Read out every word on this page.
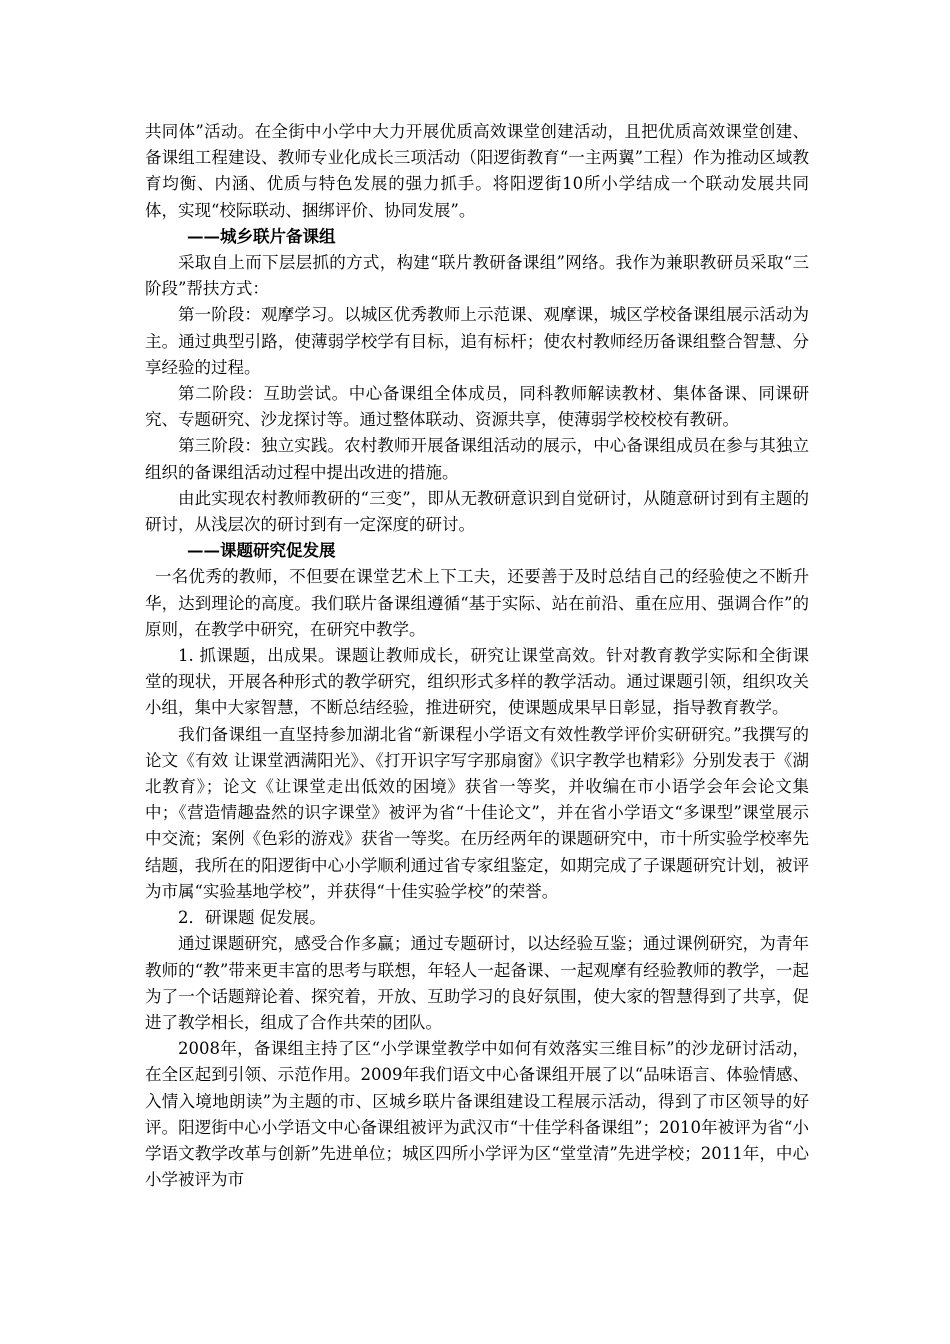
共同体”活动。在全街中小学中大力开展优质高效课堂创建活动，且把优质高效课堂创建、备课组工程建设、教师专业化成长三项活动（阳逻街教育“一主两翼”工程）作为推动区域教育均衡、内涵、优质与特色发展的强力抓手。将阳逻街10所小学结成一个联动发展共同体，实现“校际联动、捆绑评价、协同发展”。

——城乡联片备课组

采取自上而下层层抓的方式，构建“联片教研备课组”网络。我作为兼职教研员采取“三阶段”帮扶方式：

第一阶段：观摩学习。以城区优秀教师上示范课、观摩课，城区学校备课组展示活动为主。通过典型引路，使薄弱学校学有目标，追有标杆；使农村教师经历备课组整合智慧、分享经验的过程。

第二阶段：互助尝试。中心备课组全体成员，同科教师解读教材、集体备课、同课研究、专题研究、沙龙探讨等。通过整体联动、资源共享，使薄弱学校校校有教研。

第三阶段：独立实践。农村教师开展备课组活动的展示，中心备课组成员在参与其独立组织的备课组活动过程中提出改进的措施。

由此实现农村教师教研的“三变”，即从无教研意识到自觉研讨，从随意研讨到有主题的研讨，从浅层次的研讨到有一定深度的研讨。

——课题研究促发展

一名优秀的教师，不但要在课堂艺术上下工夫，还要善于及时总结自己的经验使之不断升华，达到理论的高度。我们联片备课组遵循“基于实际、站在前沿、重在应用、强调合作”的原则，在教学中研究，在研究中教学。

1. 抓课题，出成果。课题让教师成长，研究让课堂高效。针对教育教学实际和全街课堂的现状，开展各种形式的教学研究，组织形式多样的教学活动。通过课题引领，组织攻关小组，集中大家智慧，不断总结经验，推进研究，使课题成果早日彰显，指导教育教学。

我们备课组一直坚持参加湖北省“新课程小学语文有效性教学评价实研研究。”我撰写的论文《有效 让课堂洒满阳光》、《打开识字写字那扇窗》《识字教学也精彩》分别发表于《湖北教育》；论文《让课堂走出低效的困境》获省一等奖，并收编在市小语学会年会论文集中；《营造情趣盎然的识字课堂》被评为省“十佳论文”，并在省小学语文“多课型”课堂展示中交流；案例《色彩的游戏》获省一等奖。在历经两年的课题研究中，市十所实验学校率先结题，我所在的阳逻街中心小学顺利通过省专家组鉴定，如期完成了子课题研究计划，被评为市属“实验基地学校”，并获得“十佳实验学校”的荣誉。

2．研课题 促发展。

通过课题研究，感受合作多赢；通过专题研讨，以达经验互鉴；通过课例研究，为青年教师的“教”带来更丰富的思考与联想，年轻人一起备课、一起观摩有经验教师的教学，一起为了一个话题辩论着、探究着，开放、互助学习的良好氛围，使大家的智慧得到了共享，促进了教学相长，组成了合作共荣的团队。

2008年，备课组主持了区“小学课堂教学中如何有效落实三维目标”的沙龙研讨活动，在全区起到引领、示范作用。2009年我们语文中心备课组开展了以“品味语言、体验情感、入情入境地朗读”为主题的市、区城乡联片备课组建设工程展示活动，得到了市区领导的好评。阳逻街中心小学语文中心备课组被评为武汉市“十佳学科备课组”；2010年被评为省“小学语文教学改革与创新”先进单位；城区四所小学评为区“堂堂清”先进学校；2011年，中心小学被评为市
